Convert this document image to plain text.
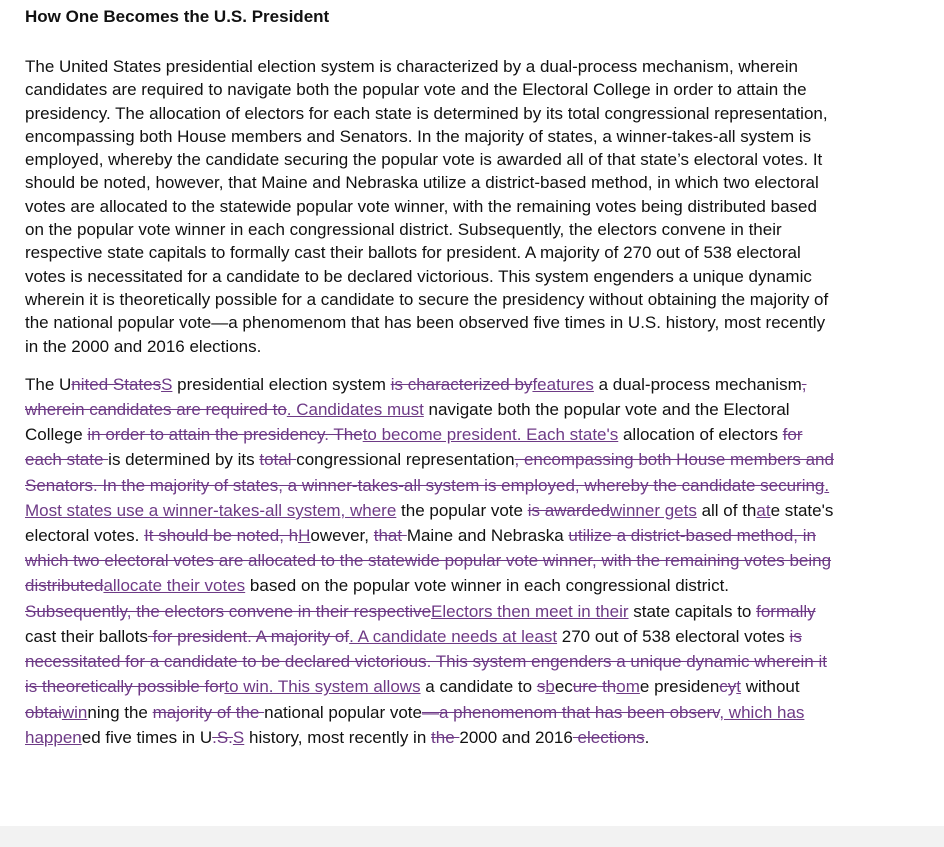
How One Becomes the U.S. President

The United States presidential election system is characterized by a dual-process mechanism, wherein candidates are required to navigate both the popular vote and the Electoral College in order to attain the presidency. The allocation of electors for each state is determined by its total congressional representation, encompassing both House members and Senators. In the majority of states, a winner-takes-all system is employed, whereby the candidate securing the popular vote is awarded all of that state’s electoral votes. It should be noted, however, that Maine and Nebraska utilize a district-based method, in which two electoral votes are allocated to the statewide popular vote winner, with the remaining votes being distributed based on the popular vote winner in each congressional district. Subsequently, the electors convene in their respective state capitals to formally cast their ballots for president. A majority of 270 out of 538 electoral votes is necessitated for a candidate to be declared victorious. This system engenders a unique dynamic wherein it is theoretically possible for a candidate to secure the presidency without obtaining the majority of the national popular vote—a phenomenom that has been observed five times in U.S. history, most recently in the 2000 and 2016 elections.

The United StatesS presidential election system is characterized byfeatures a dual-process mechanism, wherein candidates are required to. Candidates must navigate both the popular vote and the Electoral College in order to attain the presidency. Theto become president. Each state's allocation of electors for each state is determined by its total congressional representation, encompassing both House members and Senators. In the majority of states, a winner-takes-all system is employed, whereby the candidate securing. Most states use a winner-takes-all system, where the popular vote is awardedwinner gets all of thate state's electoral votes. It should be noted, hHowever, that Maine and Nebraska utilize a district-based method, in which two electoral votes are allocated to the statewide popular vote winner, with the remaining votes being distributedallocate their votes based on the popular vote winner in each congressional district. Subsequently, the electors convene in their respectiveElectors then meet in their state capitals to formally cast their ballots for president. A majority of. A candidate needs at least 270 out of 538 electoral votes is necessitated for a candidate to be declared victorious. This system engenders a unique dynamic wherein it is theoretically possible forto win. This system allows a candidate to sbecure thome presidencyt without obtaiwinning the majority of the national popular vote—a phenomenom that has been observ, which has happened five times in U.S.S history, most recently in the 2000 and 2016 elections.
